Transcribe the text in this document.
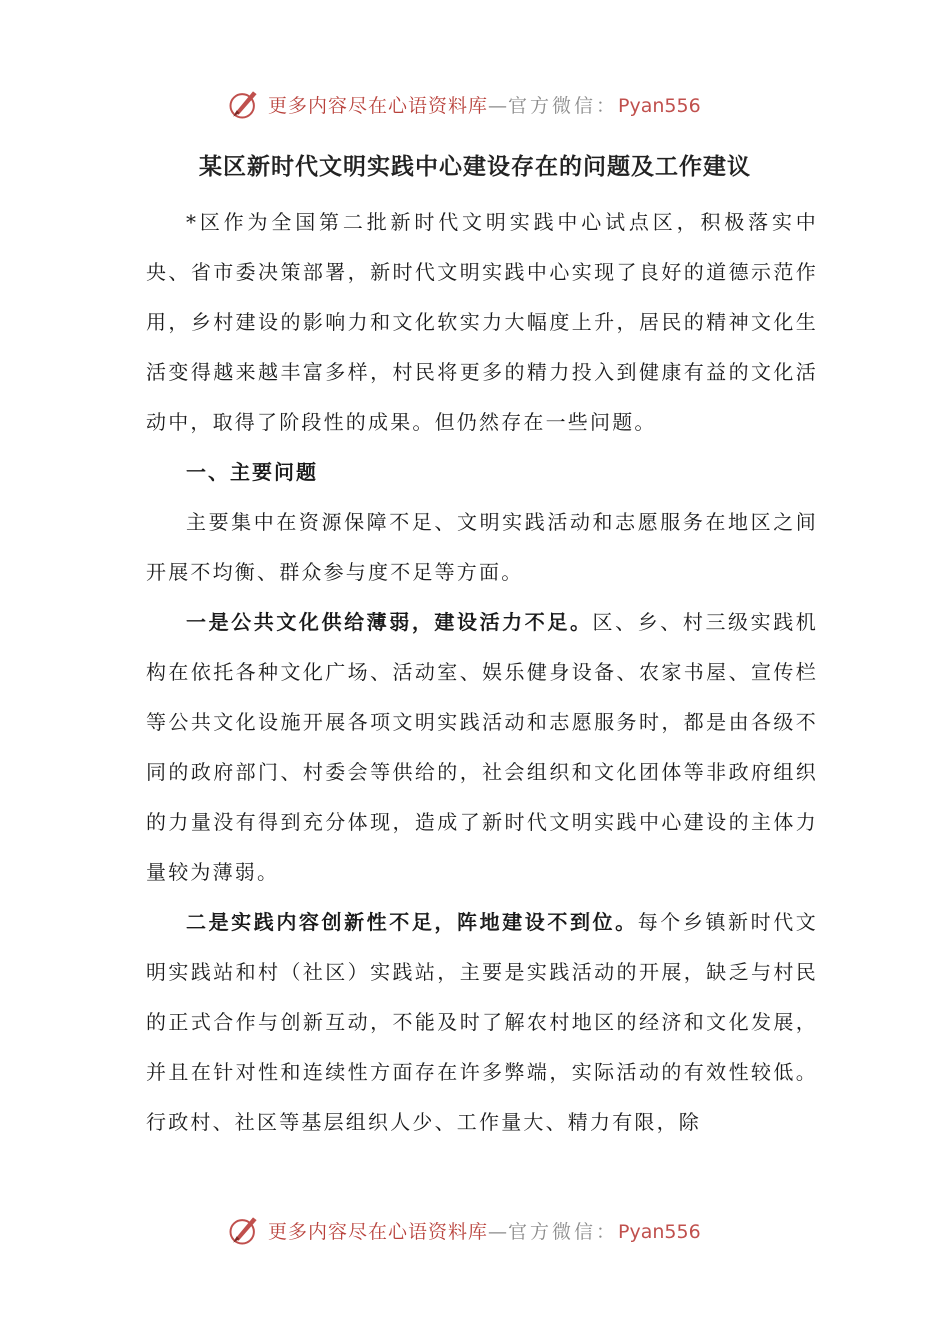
更多内容尽在心语资料库—官方微信：Pyan556
某区新时代文明实践中心建设存在的问题及工作建议

*区作为全国第二批新时代文明实践中心试点区，积极落实中央、省市委决策部署，新时代文明实践中心实现了良好的道德示范作用，乡村建设的影响力和文化软实力大幅度上升，居民的精神文化生活变得越来越丰富多样，村民将更多的精力投入到健康有益的文化活动中，取得了阶段性的成果。但仍然存在一些问题。

一、主要问题

主要集中在资源保障不足、文明实践活动和志愿服务在地区之间开展不均衡、群众参与度不足等方面。

一是公共文化供给薄弱，建设活力不足。区、乡、村三级实践机构在依托各种文化广场、活动室、娱乐健身设备、农家书屋、宣传栏等公共文化设施开展各项文明实践活动和志愿服务时，都是由各级不同的政府部门、村委会等供给的，社会组织和文化团体等非政府组织的力量没有得到充分体现，造成了新时代文明实践中心建设的主体力量较为薄弱。

二是实践内容创新性不足，阵地建设不到位。每个乡镇新时代文明实践站和村（社区）实践站，主要是实践活动的开展，缺乏与村民的正式合作与创新互动，不能及时了解农村地区的经济和文化发展，并且在针对性和连续性方面存在许多弊端，实际活动的有效性较低。行政村、社区等基层组织人少、工作量大、精力有限，除

更多内容尽在心语资料库—官方微信：Pyan556
